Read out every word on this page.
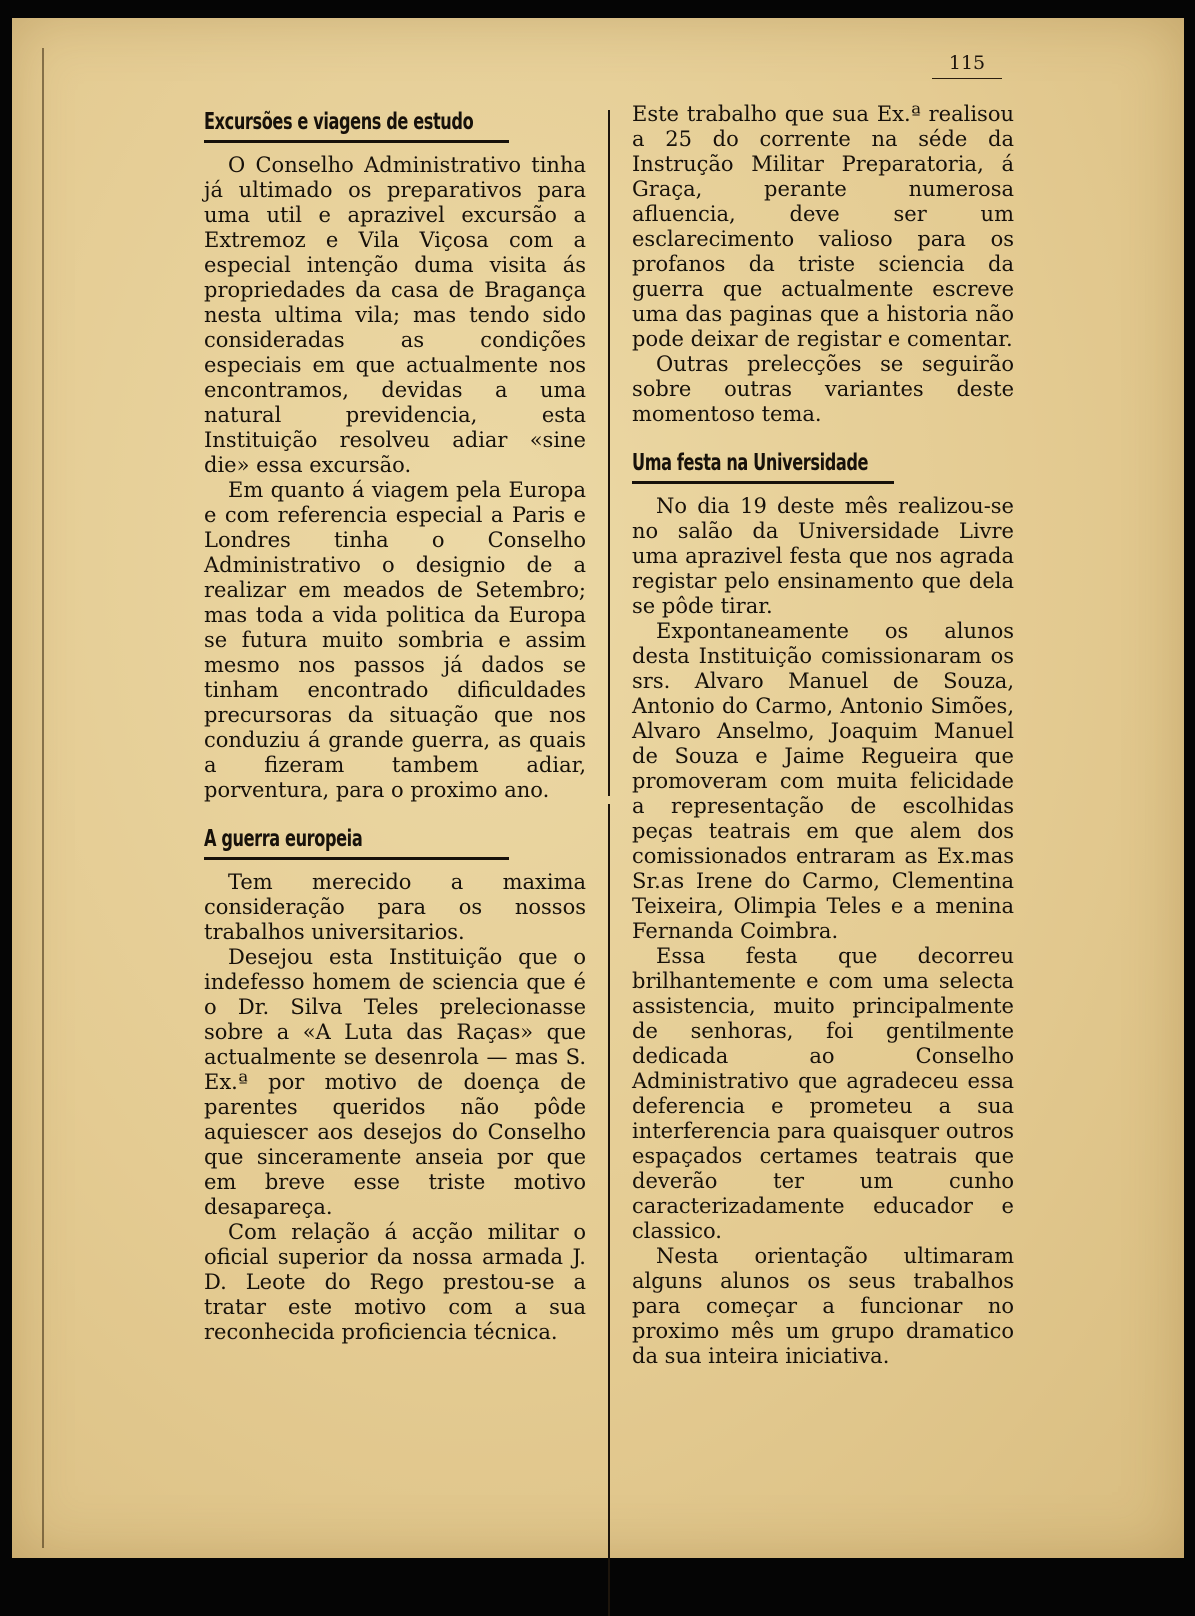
115
Excursões e viagens de estudo

O Conselho Administrativo tinha já ultimado os preparativos para uma util e aprazivel excursão a Extremoz e Vila Viçosa com a especial intenção duma visita ás propriedades da casa de Bragança nesta ultima vila; mas tendo sido consideradas as condições especiais em que actualmente nos encontramos, devidas a uma natural previdencia, esta Instituição resolveu adiar «sine die» essa excursão.

Em quanto á viagem pela Europa e com referencia especial a Paris e Londres tinha o Conselho Administrativo o designio de a realizar em meados de Setembro; mas toda a vida politica da Europa se futura muito sombria e assim mesmo nos passos já dados se tinham encontrado dificuldades precursoras da situação que nos conduziu á grande guerra, as quais a fizeram tambem adiar, porventura, para o proximo ano.

A guerra europeia

Tem merecido a maxima consideração para os nossos trabalhos universitarios.

Desejou esta Instituição que o indefesso homem de sciencia que é o Dr. Silva Teles prelecionasse sobre a «A Luta das Raças» que actualmente se desenrola — mas S. Ex.ª por motivo de doença de parentes queridos não pôde aquiescer aos desejos do Conselho que sinceramente anseia por que em breve esse triste motivo desapareça.

Com relação á acção militar o oficial superior da nossa armada J. D. Leote do Rego prestou-se a tratar este motivo com a sua reconhecida proficiencia técnica.

Este trabalho que sua Ex.ª realisou a 25 do corrente na séde da Instrução Militar Preparatoria, á Graça, perante numerosa afluencia, deve ser um esclarecimento valioso para os profanos da triste sciencia da guerra que actualmente escreve uma das paginas que a historia não pode deixar de registar e comentar.

Outras prelecções se seguirão sobre outras variantes deste momentoso tema.

Uma festa na Universidade

No dia 19 deste mês realizou-se no salão da Universidade Livre uma aprazivel festa que nos agrada registar pelo ensinamento que dela se pôde tirar.

Expontaneamente os alunos desta Instituição comissionaram os srs. Alvaro Manuel de Souza, Antonio do Carmo, Antonio Simões, Alvaro Anselmo, Joaquim Manuel de Souza e Jaime Regueira que promoveram com muita felicidade a representação de escolhidas peças teatrais em que alem dos comissionados entraram as Ex.mas Sr.as Irene do Carmo, Clementina Teixeira, Olimpia Teles e a menina Fernanda Coimbra.

Essa festa que decorreu brilhantemente e com uma selecta assistencia, muito principalmente de senhoras, foi gentilmente dedicada ao Conselho Administrativo que agradeceu essa deferencia e prometeu a sua interferencia para quaisquer outros espaçados certames teatrais que deverão ter um cunho caracterizadamente educador e classico.

Nesta orientação ultimaram alguns alunos os seus trabalhos para começar a funcionar no proximo mês um grupo dramatico da sua inteira iniciativa.
